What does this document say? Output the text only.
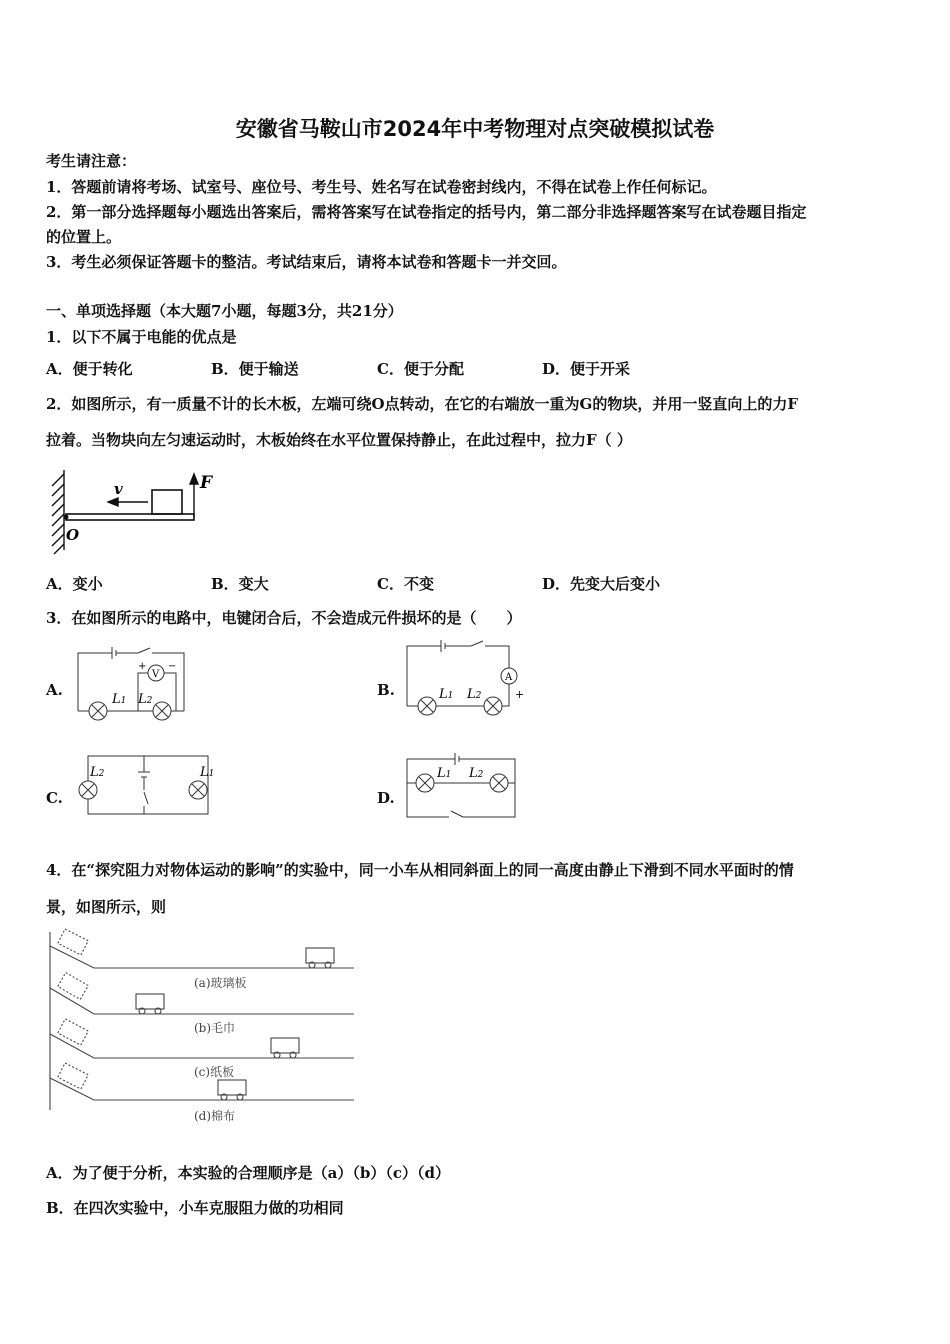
安徽省马鞍山市2024年中考物理对点突破模拟试卷
考生请注意：
1．答题前请将考场、试室号、座位号、考生号、姓名写在试卷密封线内，不得在试卷上作任何标记。
2．第一部分选择题每小题选出答案后，需将答案写在试卷指定的括号内，第二部分非选择题答案写在试卷题目指定
的位置上。
3．考生必须保证答题卡的整洁。考试结束后，请将本试卷和答题卡一并交回。
一、单项选择题（本大题7小题，每题3分，共21分）
1．以下不属于电能的优点是
A．便于转化	B．便于输送	C．便于分配	D．便于开采
2．如图所示，有一质量不计的长木板，左端可绕O点转动，在它的右端放一重为G的物块，并用一竖直向上的力F
拉着。当物块向左匀速运动时，木板始终在水平位置保持静止，在此过程中，拉力F（ ）
v	F
O
A．变小	B．变大	C．不变	D．先变大后变小
3．在如图所示的电路中，电键闭合后，不会造成元件损坏的是（　　）
A.
V
+ −
L1 L2
B.
A
+
L1 L2
C.
L2	L1
D.
L1 L2
4．在“探究阻力对物体运动的影响”的实验中，同一小车从相同斜面上的同一高度由静止下滑到不同水平面时的情
景，如图所示，则
(a)玻璃板
(b)毛巾
(c)纸板
(d)棉布
A．为了便于分析，本实验的合理顺序是（a）（b）（c）（d）
B．在四次实验中，小车克服阻力做的功相同
